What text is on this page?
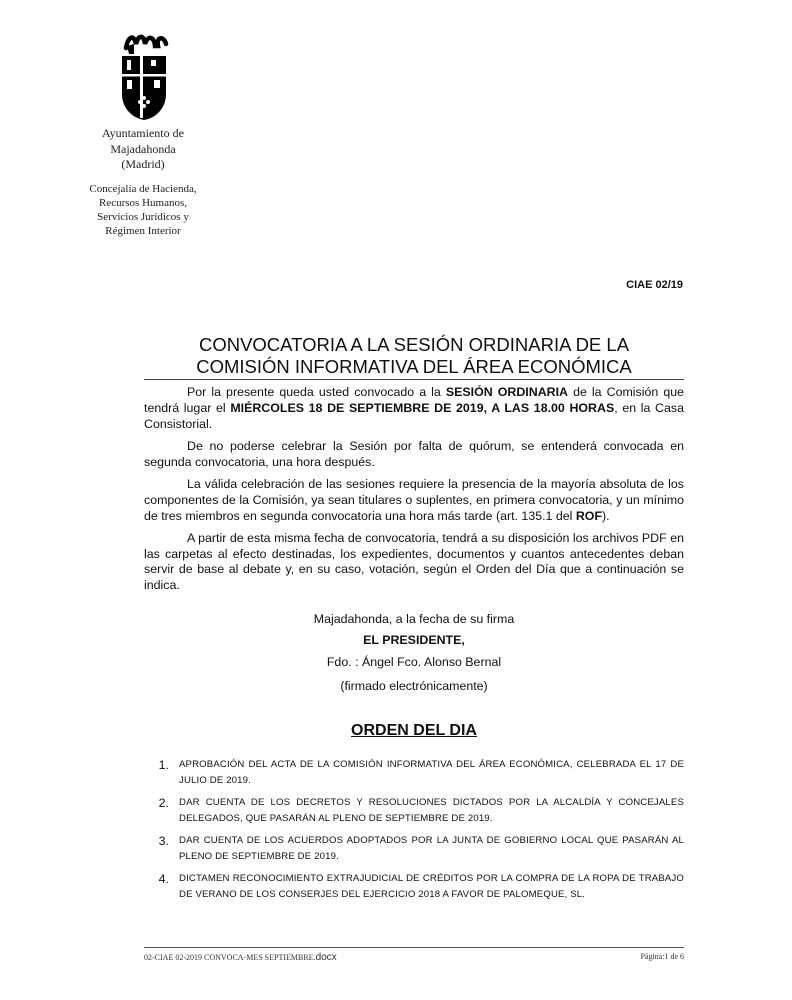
Ayuntamiento de
Majadahonda
(Madrid)
Concejalía de Hacienda,
Recursos Humanos,
Servicios Jurídicos y
Régimen Interior
CIAE 02/19
CONVOCATORIA A LA SESIÓN ORDINARIA DE LA
COMISIÓN INFORMATIVA DEL ÁREA ECONÓMICA

Por la presente queda usted convocado a la SESIÓN ORDINARIA de la Comisión que tendrá lugar el MIÉRCOLES 18 DE SEPTIEMBRE DE 2019, A LAS 18.00 HORAS, en la Casa Consistorial.

De no poderse celebrar la Sesión por falta de quórum, se entenderá convocada en segunda convocatoria, una hora después.

La válida celebración de las sesiones requiere la presencia de la mayoría absoluta de los componentes de la Comisión, ya sean titulares o suplentes, en primera convocatoria, y un mínimo de tres miembros en segunda convocatoria una hora más tarde (art. 135.1 del ROF).

A partir de esta misma fecha de convocatoria, tendrá a su disposición los archivos PDF en las carpetas al efecto destinadas, los expedientes, documentos y cuantos antecedentes deban servir de base al debate y, en su caso, votación, según el Orden del Día que a continuación se indica.

Majadahonda, a la fecha de su firma
EL PRESIDENTE,
Fdo. : Ángel Fco. Alonso Bernal
(firmado electrónicamente)
ORDEN DEL DIA
1.	APROBACIÓN DEL ACTA DE LA COMISIÓN INFORMATIVA DEL ÁREA ECONÓMICA, CELEBRADA EL 17 DE JULIO DE 2019.
2.	DAR CUENTA DE LOS DECRETOS Y RESOLUCIONES DICTADOS POR LA ALCALDÍA Y CONCEJALES DELEGADOS, QUE PASARÁN AL PLENO DE SEPTIEMBRE DE 2019.
3.	DAR CUENTA DE LOS ACUERDOS ADOPTADOS POR LA JUNTA DE GOBIERNO LOCAL QUE PASARÁN AL PLENO DE SEPTIEMBRE DE 2019.
4.	DICTAMEN RECONOCIMIENTO EXTRAJUDICIAL DE CRÉDITOS POR LA COMPRA DE LA ROPA DE TRABAJO DE VERANO DE LOS CONSERJES DEL EJERCICIO 2018 A FAVOR DE PALOMEQUE, SL.
02-CIAE 02-2019 CONVOCA-MES SEPTIEMBRE.docx	Página:1 de 6
